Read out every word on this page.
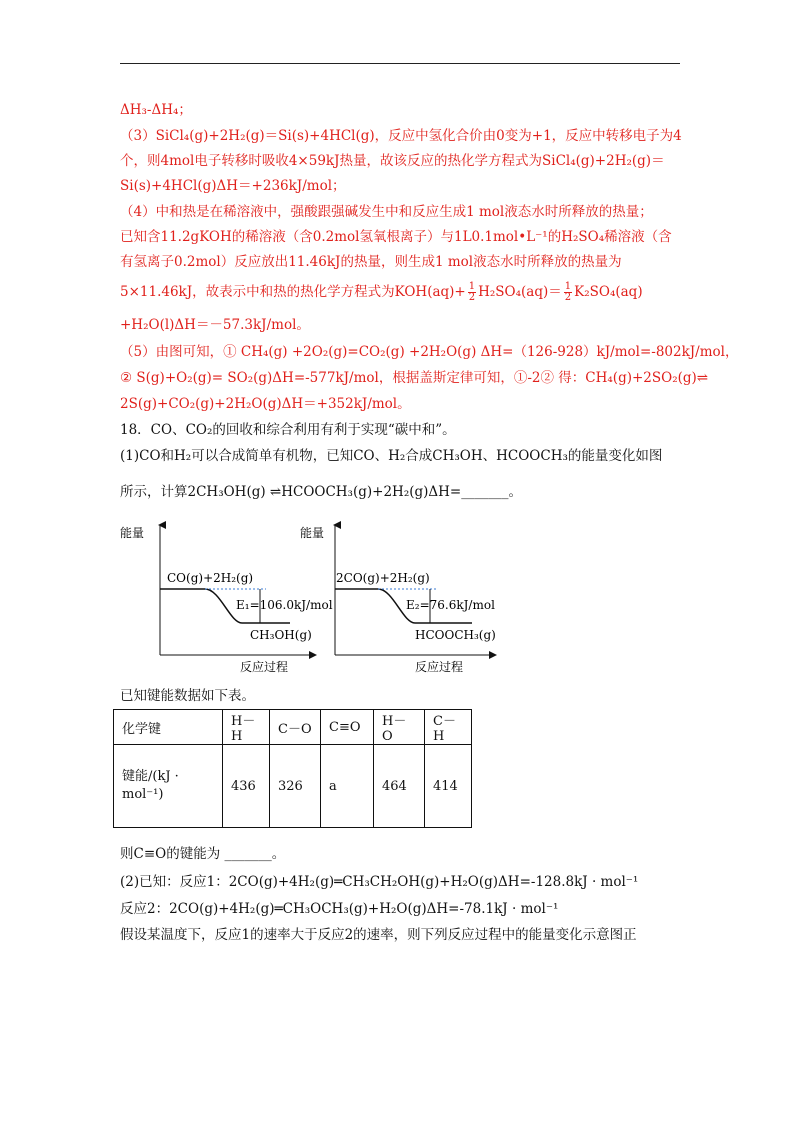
ΔH₃-ΔH₄；
（3）SiCl₄(g)+2H₂(g)＝Si(s)+4HCl(g)，反应中氢化合价由0变为+1，反应中转移电子为4
个，则4mol电子转移时吸收4×59kJ热量，故该反应的热化学方程式为SiCl₄(g)+2H₂(g)＝
Si(s)+4HCl(g)ΔH＝+236kJ/mol；
（4）中和热是在稀溶液中，强酸跟强碱发生中和反应生成1 mol液态水时所释放的热量；
已知含11.2gKOH的稀溶液（含0.2mol氢氧根离子）与1L0.1mol•L⁻¹的H₂SO₄稀溶液（含
有氢离子0.2mol）反应放出11.46kJ的热量，则生成1 mol液态水时所释放的热量为
5×11.46kJ，故表示中和热的热化学方程式为$KOH(aq)+ \frac{1}{2} H_2SO_4(aq)= \frac{1}{2} K_2SO_4(aq)$
+H₂O(l)ΔH＝－57.3kJ/mol。
（5）由图可知，① CH₄(g) +2O₂(g)=CO₂(g) +2H₂O(g) ΔH=（126-928）kJ/mol=-802kJ/mol，
② S(g)+O₂(g)= SO₂(g)ΔH=-577kJ/mol，根据盖斯定律可知，①-2② 得：CH₄(g)+2SO₂(g)⇌
2S(g)+CO₂(g)+2H₂O(g)ΔH＝+352kJ/mol。
18．CO、CO₂的回收和综合利用有利于实现“碳中和”。
(1)CO和H₂可以合成简单有机物，已知CO、H₂合成CH₃OH、HCOOCH₃的能量变化如图
所示，计算2CH₃OH(g) ⇌HCOOCH₃(g)+2H₂(g)ΔH=_______。
能量
反应过程
CO(g)+2H₂(g)
E₁=106.0kJ/mol
CH₃OH(g)
能量
反应过程
2CO(g)+2H₂(g)
E₂=76.6kJ/mol
HCOOCH₃(g)
已知键能数据如下表。
化学键	H－H	C－O	C≡O	H－O	C－H
键能/(kJ · mol⁻¹)	436	326	a	464	414
则C≡O的键能为 _______。
(2)已知：反应1：2CO(g)+4H₂(g)═CH₃CH₂OH(g)+H₂O(g)ΔH=-128.8kJ · mol⁻¹
反应2：2CO(g)+4H₂(g)═CH₃OCH₃(g)+H₂O(g)ΔH=-78.1kJ · mol⁻¹
假设某温度下，反应1的速率大于反应2的速率，则下列反应过程中的能量变化示意图正
